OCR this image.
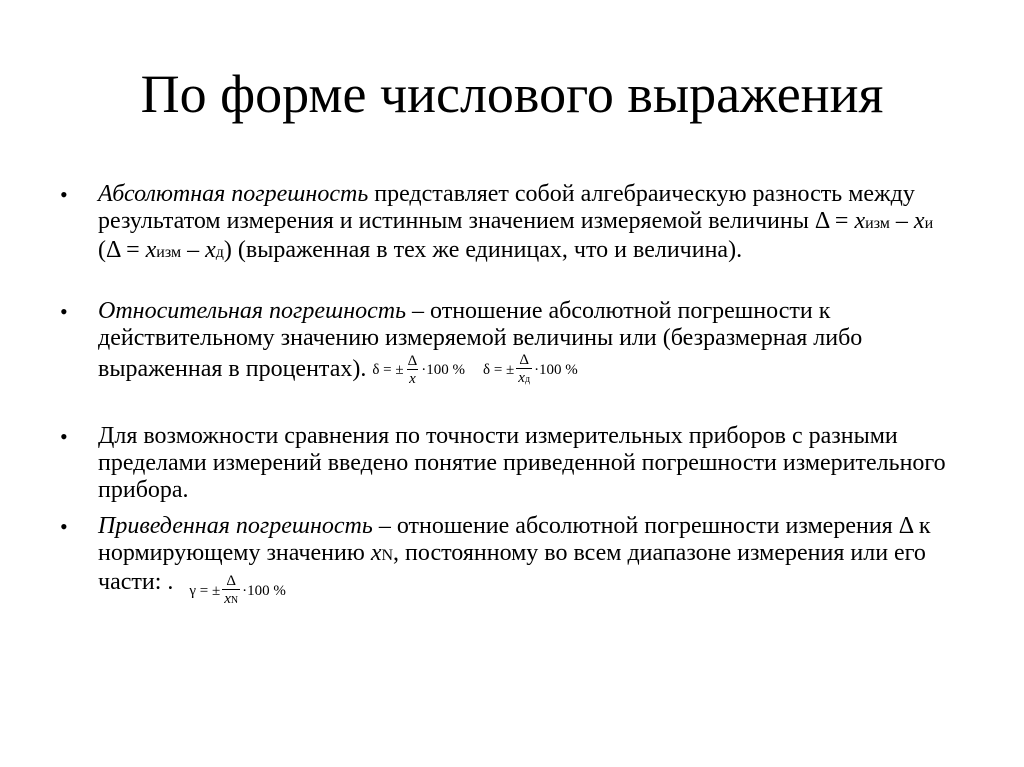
По форме числового выражения
• Абсолютная погрешность представляет собой алгебраическую разность между результатом измерения и истинным значением измеряемой величины Δ = xизм – xи (Δ = xизм – xд) (выраженная в тех же единицах, что и величина).
• Относительная погрешность – отношение абсолютной погрешности к действительному значению измеряемой величины или (безразмерная либо выраженная в процентах). δ = ± $\frac{\Delta}{x} \cdot 100$ %
δ = ± $\frac{\Delta}{xд} \cdot 100$ %
• Для возможности сравнения по точности измерительных приборов с разными пределами измерений введено понятие приведенной погрешности измерительного прибора.
• Приведенная погрешность – отношение абсолютной погрешности измерения Δ к нормирующему значению xN, постоянному во всем диапазоне измерения или его части: . γ = ± $\frac{\Delta}{xN} \cdot 100$ %
